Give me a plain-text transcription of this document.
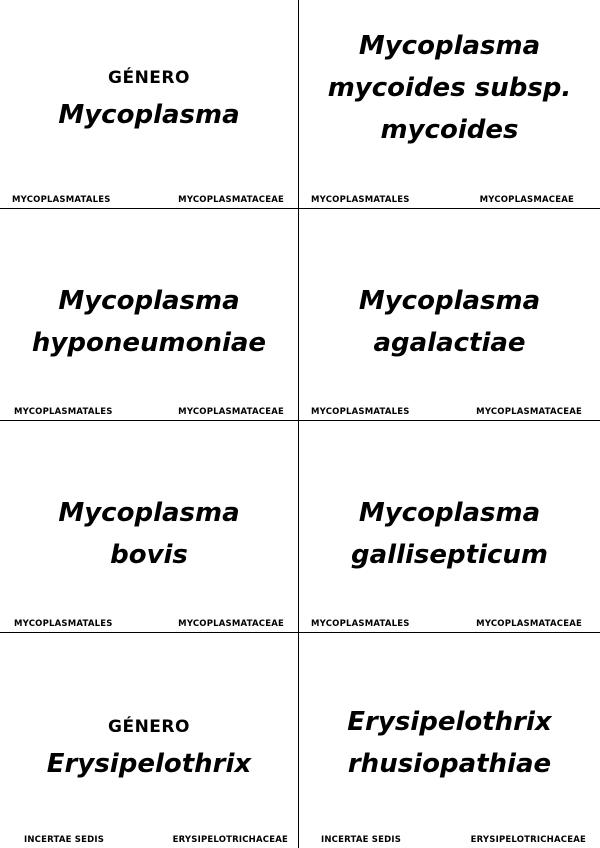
GÉNERO
Mycoplasma
MYCOPLASMATALES	MYCOPLASMATACEAE
Mycoplasma
mycoides subsp.
mycoides
MYCOPLASMATALES	MYCOPLASMACEAE
Mycoplasma
hyponeumoniae
MYCOPLASMATALES	MYCOPLASMATACEAE
Mycoplasma
agalactiae
MYCOPLASMATALES	MYCOPLASMATACEAE
Mycoplasma
bovis
MYCOPLASMATALES	MYCOPLASMATACEAE
Mycoplasma
gallisepticum
MYCOPLASMATALES	MYCOPLASMATACEAE
GÉNERO
Erysipelothrix
INCERTAE SEDIS	ERYSIPELOTRICHACEAE
Erysipelothrix
rhusiopathiae
INCERTAE SEDIS	ERYSIPELOTRICHACEAE
